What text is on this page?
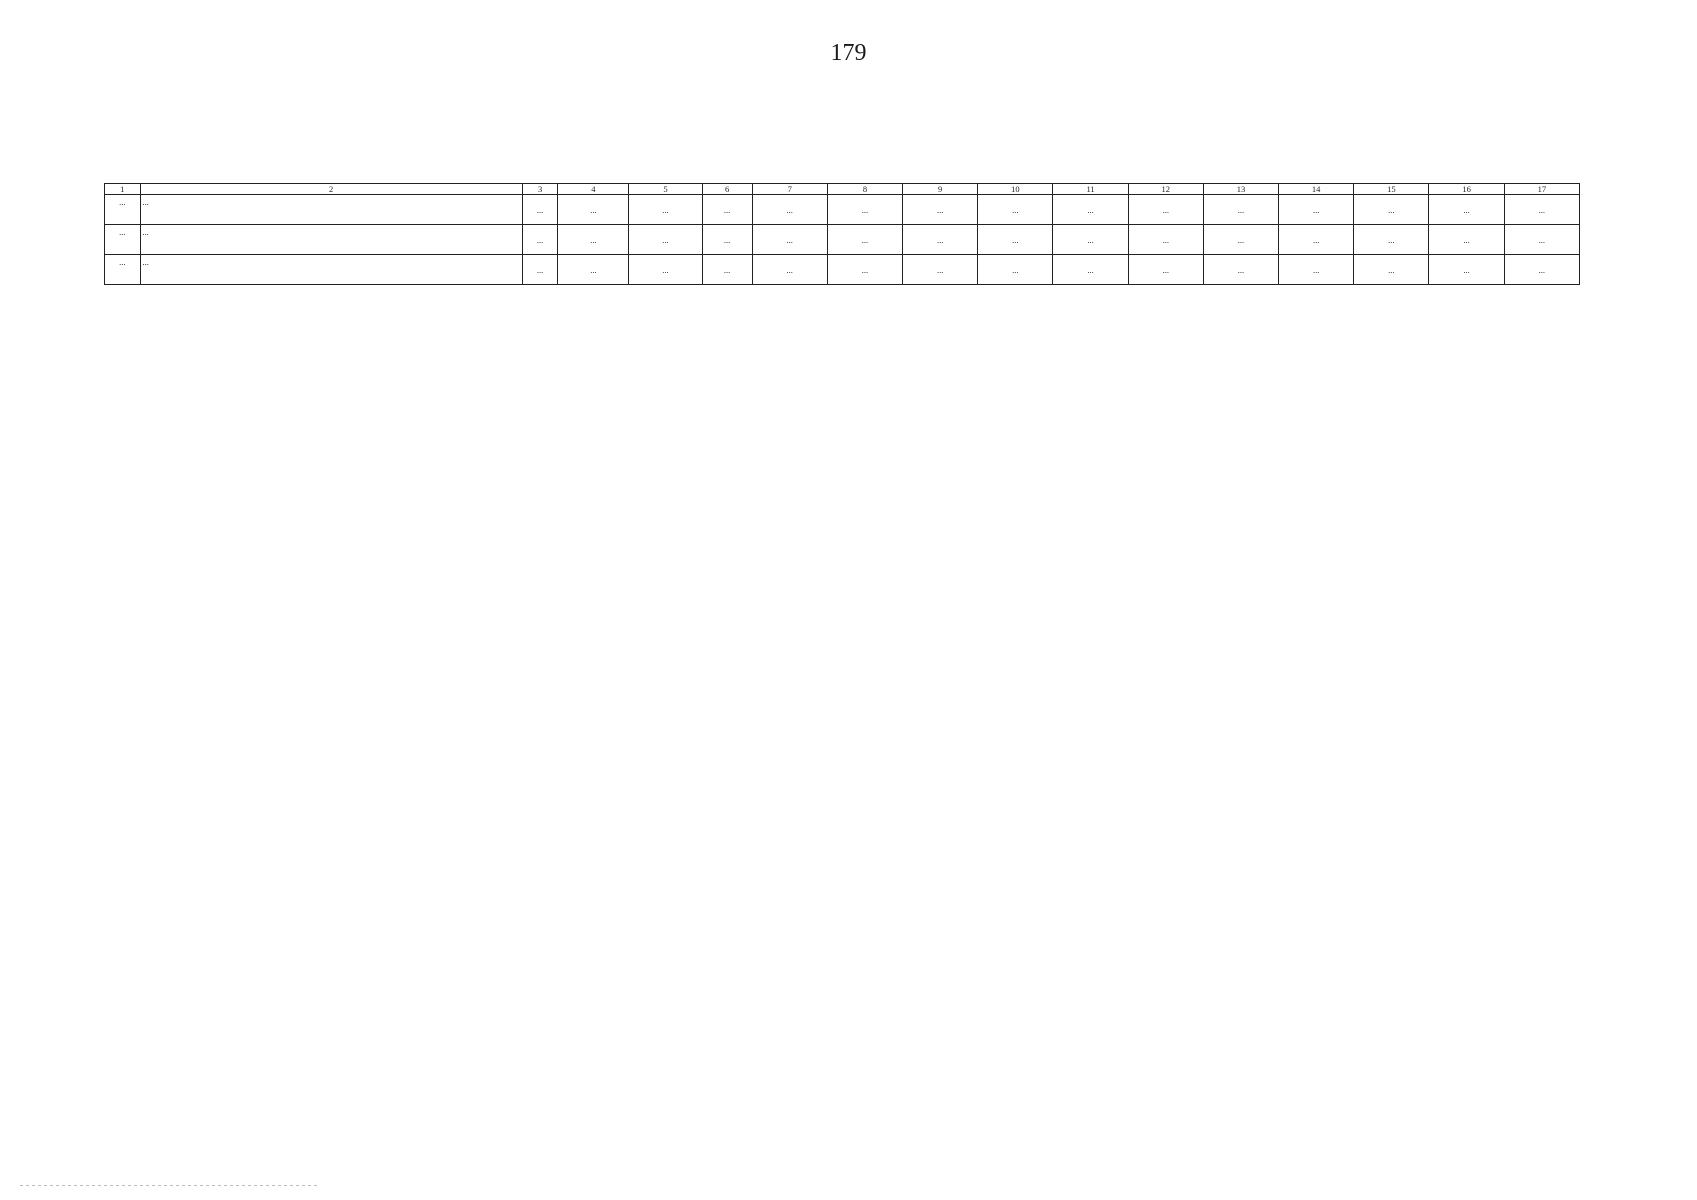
179
1	2	3	4	5	6	7	8	9	10	11	12	13	14	15	16	17
...	...	...	...	...	...	...	...	...	...	...	...	...	...	...	...	...
...	...	...	...	...	...	...	...	...	...	...	...	...	...	...	...	...
...	...	...	...	...	...	...	...	...	...	...	...	...	...	...	...	...
